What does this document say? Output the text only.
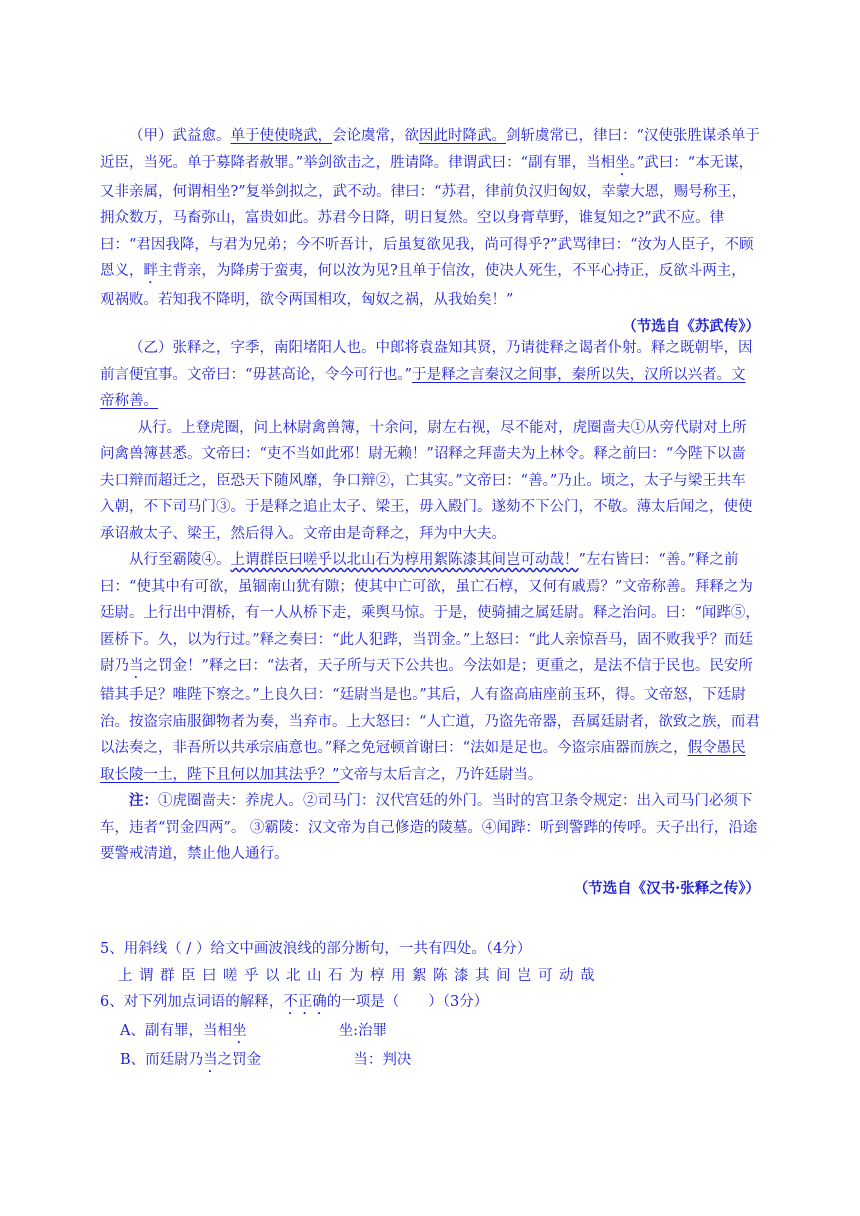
（甲）武益愈。单于使使晓武，会论虞常，欲因此时降武。剑斩虞常已，律曰：“汉使张胜谋杀单于近臣，当死。单于募降者赦罪。”举剑欲击之，胜请降。律谓武曰：“副有罪，当相坐。”武曰：“本无谋，又非亲属，何谓相坐?”复举剑拟之，武不动。律曰：“苏君，律前负汉归匈奴，幸蒙大恩，赐号称王，拥众数万，马畜弥山，富贵如此。苏君今日降，明日复然。空以身膏草野，谁复知之?”武不应。律曰：“君因我降，与君为兄弟；今不听吾计，后虽复欲见我，尚可得乎?”武骂律曰：“汝为人臣子，不顾恩义，畔主背亲，为降虏于蛮夷，何以汝为见?且单于信汝，使决人死生，不平心持正，反欲斗两主，观祸败。若知我不降明，欲令两国相攻，匈奴之祸，从我始矣！”

（节选自《苏武传》）

（乙）张释之，字季，南阳堵阳人也。中郎将袁盎知其贤，乃请徙释之谒者仆射。释之既朝毕，因前言便宜事。文帝曰：“毋甚高论，令今可行也。”于是释之言秦汉之间事，秦所以失，汉所以兴者。文帝称善。

从行。上登虎圈，问上林尉禽兽簿，十余问，尉左右视，尽不能对，虎圈啬夫①从旁代尉对上所问禽兽簿甚悉。文帝曰：“吏不当如此邪！尉无赖！”诏释之拜啬夫为上林令。释之前曰：“今陛下以啬夫口辩而超迁之，臣恐天下随风靡，争口辩②，亡其实。”文帝曰：“善。”乃止。顷之，太子与梁王共车入朝，不下司马门③。于是释之追止太子、梁王，毋入殿门。遂劾不下公门，不敬。薄太后闻之，使使承诏赦太子、梁王，然后得入。文帝由是奇释之，拜为中大夫。

从行至霸陵④。上谓群臣曰嗟乎以北山石为椁用絮陈漆其间岂可动哉！”左右皆曰：“善。”释之前曰：“使其中有可欲，虽锢南山犹有隙；使其中亡可欲，虽亡石椁，又何有戚焉？”文帝称善。拜释之为廷尉。上行出中渭桥，有一人从桥下走，乘舆马惊。于是，使骑捕之属廷尉。释之治问。曰：“闻跸⑤，匿桥下。久，以为行过。”释之奏曰：“此人犯跸，当罚金。”上怒曰：“此人亲惊吾马，固不败我乎？而廷尉乃当之罚金！”释之曰：“法者，天子所与天下公共也。今法如是；更重之，是法不信于民也。民安所错其手足？唯陛下察之。”上良久曰：“廷尉当是也。”其后，人有盗高庙座前玉环，得。文帝怒，下廷尉治。按盗宗庙服御物者为奏，当弃市。上大怒曰：“人亡道，乃盗先帝器，吾属廷尉者，欲致之族，而君以法奏之，非吾所以共承宗庙意也。”释之免冠顿首谢曰：“法如是足也。今盗宗庙器而族之，假令愚民取长陵一土，陛下且何以加其法乎？”文帝与太后言之，乃许廷尉当。

注：①虎圈啬夫：养虎人。②司马门：汉代宫廷的外门。当时的宫卫条令规定：出入司马门必须下车，违者“罚金四两”。 ③霸陵：汉文帝为自己修造的陵墓。④闻跸：听到警跸的传呼。天子出行，沿途要警戒清道，禁止他人通行。

（节选自《汉书·张释之传》）

5、用斜线（ / ）给文中画波浪线的部分断句，一共有四处。（4分）

上谓群臣曰嗟乎以北山石为椁用絮陈漆其间岂可动哉

6、对下列加点词语的解释，不正确的一项是（　　）（3分）

A、副有罪，当相坐                    坐:治罪

B、而廷尉乃当之罚金                    当：判决
